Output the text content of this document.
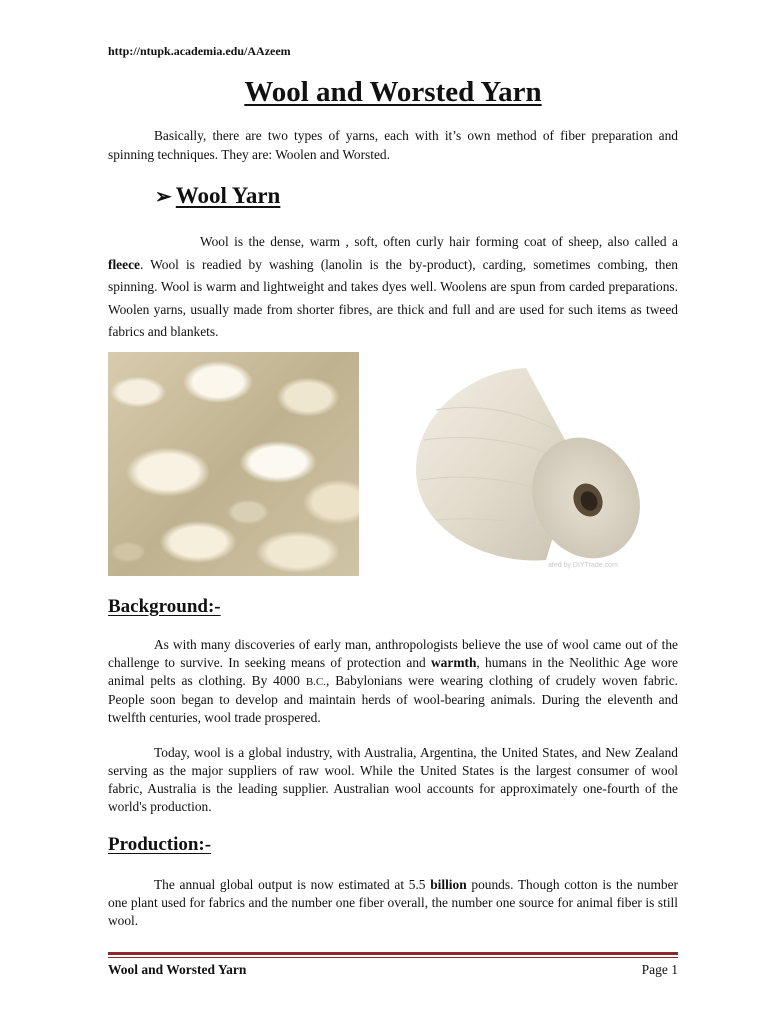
http://ntupk.academia.edu/AAzeem
Wool and Worsted Yarn
Basically, there are two types of yarns, each with it’s own method of fiber preparation and spinning techniques. They are: Woolen and Worsted.
➢ Wool Yarn
Wool is the dense, warm , soft, often curly hair forming coat of sheep, also called a fleece. Wool is readied by washing (lanolin is the by-product), carding, sometimes combing, then spinning. Wool is warm and lightweight and takes dyes well. Woolens are spun from carded preparations. Woolen yarns, usually made from shorter fibres, are thick and full and are used for such items as tweed fabrics and blankets.
ated by DIYTrade.com
Background:-
As with many discoveries of early man, anthropologists believe the use of wool came out of the challenge to survive. In seeking means of protection and warmth, humans in the Neolithic Age wore animal pelts as clothing. By 4000 B.C., Babylonians were wearing clothing of crudely woven fabric. People soon began to develop and maintain herds of wool-bearing animals. During the eleventh and twelfth centuries, wool trade prospered.
Today, wool is a global industry, with Australia, Argentina, the United States, and New Zealand serving as the major suppliers of raw wool. While the United States is the largest consumer of wool fabric, Australia is the leading supplier. Australian wool accounts for approximately one-fourth of the world's production.
Production:-
The annual global output is now estimated at 5.5 billion pounds. Though cotton is the number one plant used for fabrics and the number one fiber overall, the number one source for animal fiber is still wool.
Wool and Worsted Yarn	Page 1
